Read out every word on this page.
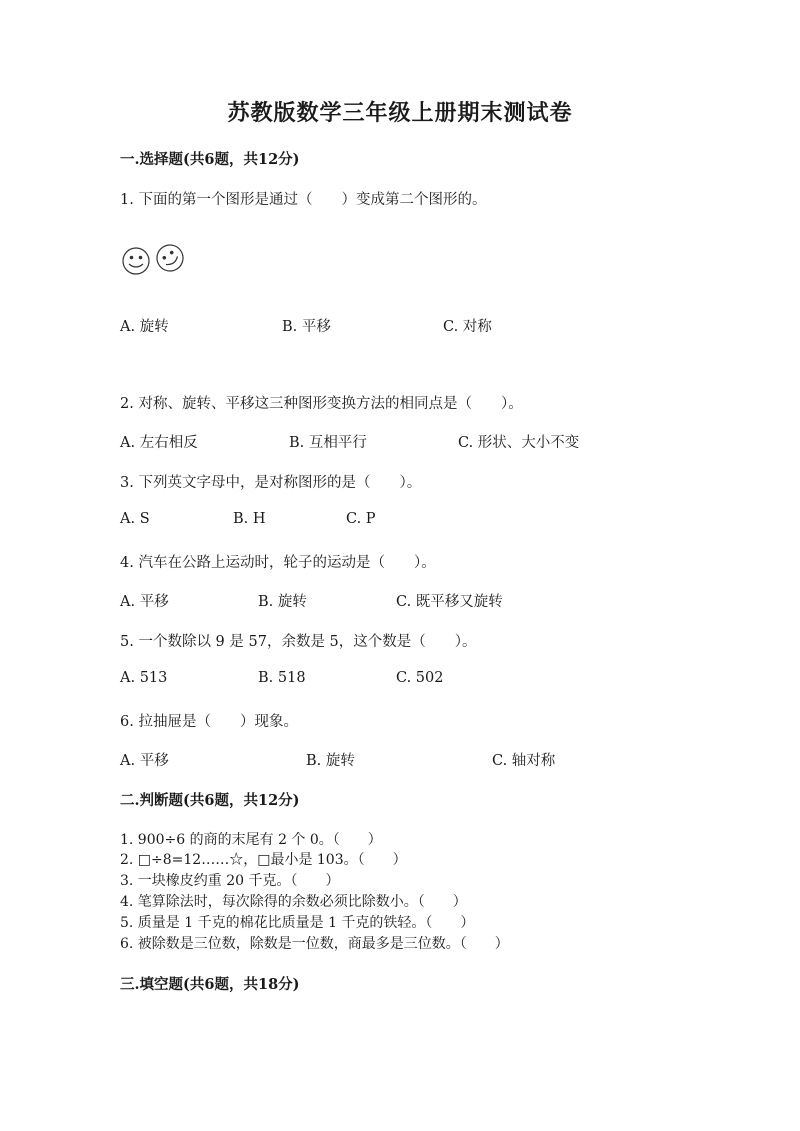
苏教版数学三年级上册期末测试卷
一.选择题(共6题，共12分)
1. 下面的第一个图形是通过（　　）变成第二个图形的。
A. 旋转	B. 平移	C. 对称
2. 对称、旋转、平移这三种图形变换方法的相同点是（　　）。
A. 左右相反	B. 互相平行	C. 形状、大小不变
3. 下列英文字母中，是对称图形的是（　　）。
A. S	B. H	C. P
4. 汽车在公路上运动时，轮子的运动是（　　）。
A. 平移	B. 旋转	C. 既平移又旋转
5. 一个数除以 9 是 57，余数是 5，这个数是（　　）。
A. 513	B. 518	C. 502
6. 拉抽屉是（　　）现象。
A. 平移	B. 旋转	C. 轴对称
二.判断题(共6题，共12分)
1. 900÷6 的商的末尾有 2 个 0。（　　）
2. □÷8=12……☆，□最小是 103。（　　）
3. 一块橡皮约重 20 千克。（　　）
4. 笔算除法时，每次除得的余数必须比除数小。（　　）
5. 质量是 1 千克的棉花比质量是 1 千克的铁轻。（　　）
6. 被除数是三位数，除数是一位数，商最多是三位数。（　　）
三.填空题(共6题，共18分)
